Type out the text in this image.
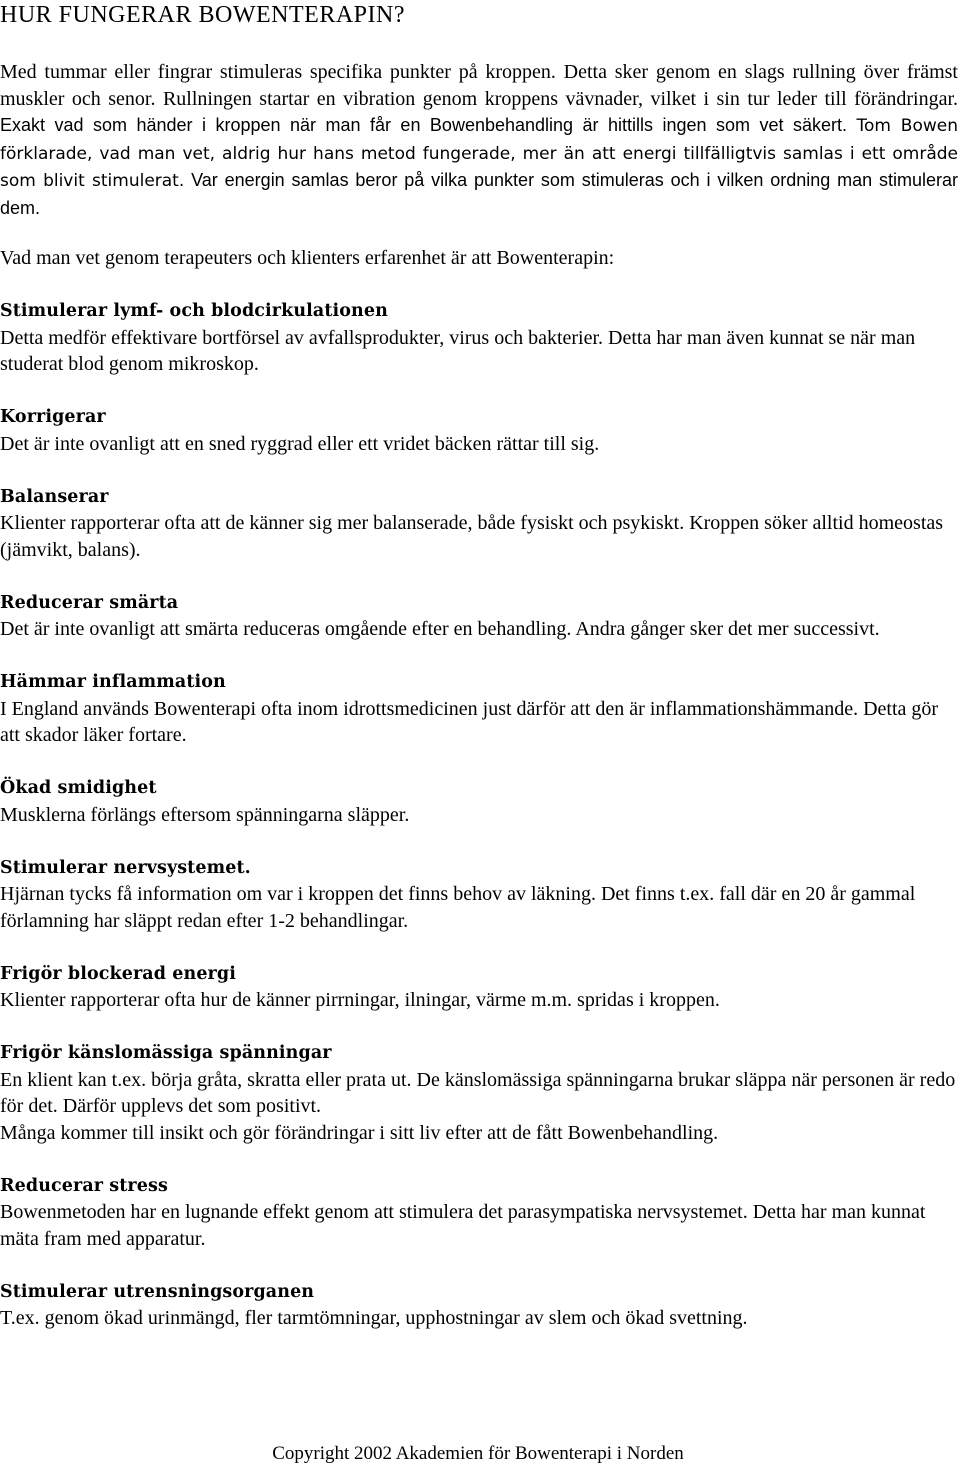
HUR FUNGERAR BOWENTERAPIN?

Med tummar eller fingrar stimuleras specifika punkter på kroppen. Detta sker genom en slags rullning över främst muskler och senor. Rullningen startar en vibration genom kroppens vävnader, vilket i sin tur leder till förändringar. Exakt vad som händer i kroppen när man får en Bowenbehandling är hittills ingen som vet säkert. Tom Bowen förklarade, vad man vet, aldrig hur hans metod fungerade, mer än att energi tillfälligtvis samlas i ett område som blivit stimulerat. Var energin samlas beror på vilka punkter som stimuleras och i vilken ordning man stimulerar dem.

Vad man vet genom terapeuters och klienters erfarenhet är att Bowenterapin:

Stimulerar lymf- och blodcirkulationen
Detta medför effektivare bortförsel av avfallsprodukter, virus och bakterier. Detta har man även kunnat se när man studerat blod genom mikroskop.
Korrigerar
Det är inte ovanligt att en sned ryggrad eller ett vridet bäcken rättar till sig.
Balanserar
Klienter rapporterar ofta att de känner sig mer balanserade, både fysiskt och psykiskt. Kroppen söker alltid homeostas (jämvikt, balans).
Reducerar smärta
Det är inte ovanligt att smärta reduceras omgående efter en behandling. Andra gånger sker det mer successivt.
Hämmar inflammation
I England används Bowenterapi ofta inom idrottsmedicinen just därför att den är inflammationshämmande. Detta gör att skador läker fortare.
Ökad smidighet
Musklerna förlängs eftersom spänningarna släpper.
Stimulerar nervsystemet.
Hjärnan tycks få information om var i kroppen det finns behov av läkning. Det finns t.ex. fall där en 20 år gammal förlamning har släppt redan efter 1-2 behandlingar.
Frigör blockerad energi
Klienter rapporterar ofta hur de känner pirrningar, ilningar, värme m.m. spridas i kroppen.
Frigör känslomässiga spänningar
En klient kan t.ex. börja gråta, skratta eller prata ut. De känslomässiga spänningarna brukar släppa när personen är redo för det. Därför upplevs det som positivt.
Många kommer till insikt och gör förändringar i sitt liv efter att de fått Bowenbehandling.
Reducerar stress
Bowenmetoden har en lugnande effekt genom att stimulera det parasympatiska nervsystemet. Detta har man kunnat mäta fram med apparatur.
Stimulerar utrensningsorganen
T.ex. genom ökad urinmängd, fler tarmtömningar, upphostningar av slem och ökad svettning.
Copyright 2002 Akademien för Bowenterapi i Norden
